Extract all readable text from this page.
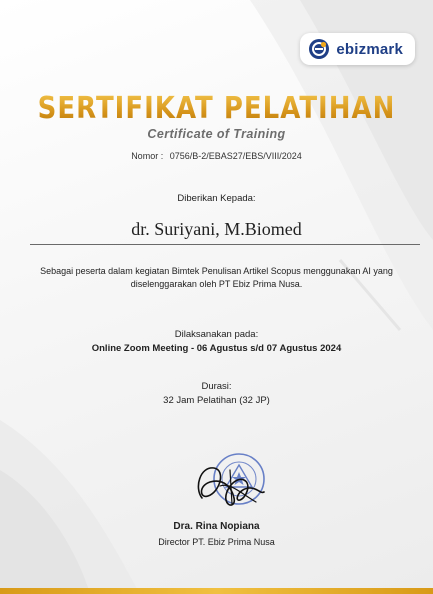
ebizmark
SERTIFIKAT PELATIHAN
Certificate of Training
Nomor : 0756/B-2/EBAS27/EBS/VIII/2024
Diberikan Kepada:
dr. Suriyani, M.Biomed
Sebagai peserta dalam kegiatan Bimtek Penulisan Artikel Scopus menggunakan AI yang diselenggarakan oleh PT Ebiz Prima Nusa.
Dilaksanakan pada:
Online Zoom Meeting - 06 Agustus s/d 07 Agustus 2024
Durasi:
32 Jam Pelatihan (32 JP)
Dra. Rina Nopiana
Director PT. Ebiz Prima Nusa
